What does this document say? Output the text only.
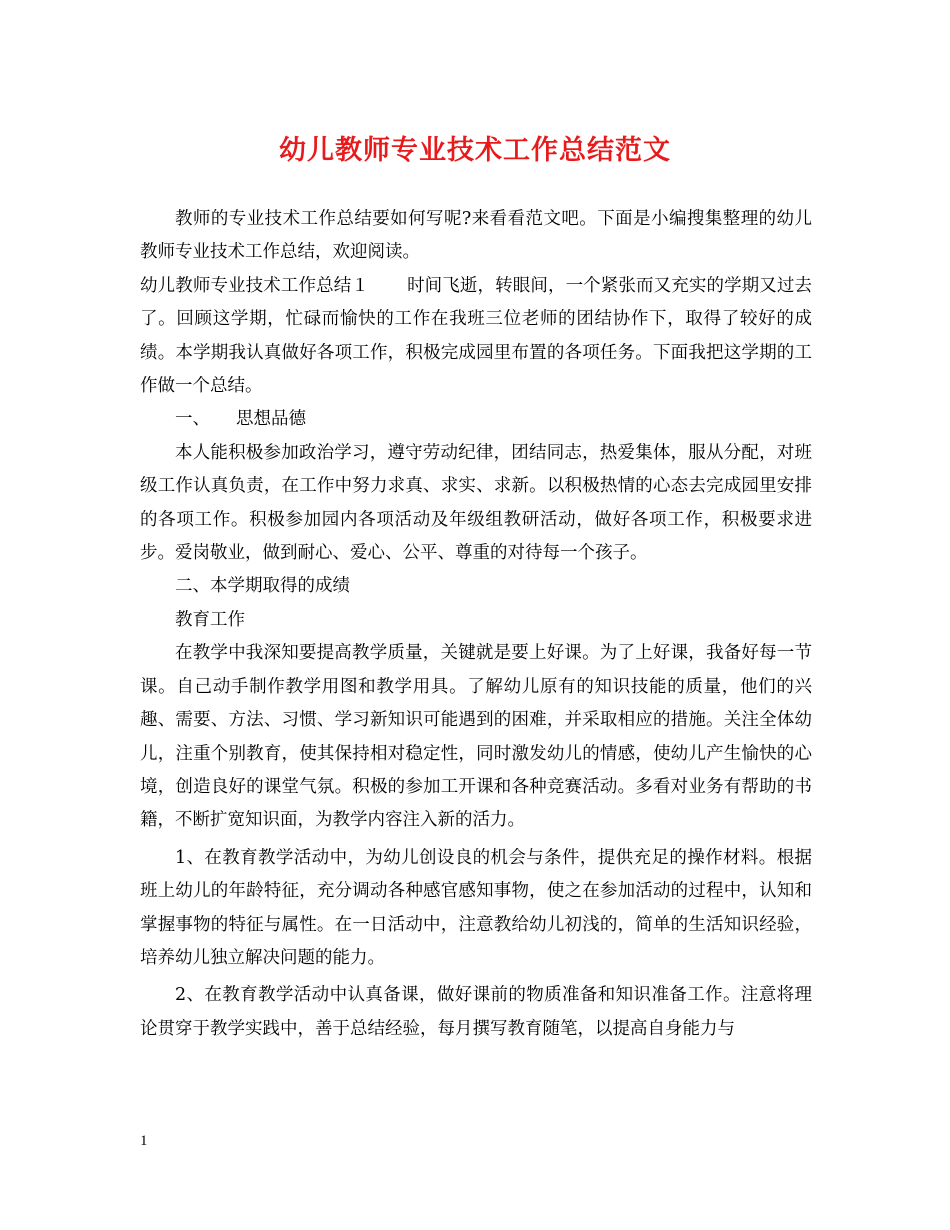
幼儿教师专业技术工作总结范文

教师的专业技术工作总结要如何写呢?来看看范文吧。下面是小编搜集整理的幼儿教师专业技术工作总结，欢迎阅读。

幼儿教师专业技术工作总结１ 时间飞逝，转眼间，一个紧张而又充实的学期又过去了。回顾这学期，忙碌而愉快的工作在我班三位老师的团结协作下，取得了较好的成绩。本学期我认真做好各项工作，积极完成园里布置的各项任务。下面我把这学期的工作做一个总结。

一、 思想品德

本人能积极参加政治学习，遵守劳动纪律，团结同志，热爱集体，服从分配，对班级工作认真负责，在工作中努力求真、求实、求新。以积极热情的心态去完成园里安排的各项工作。积极参加园内各项活动及年级组教研活动，做好各项工作，积极要求进步。爱岗敬业，做到耐心、爱心、公平、尊重的对待每一个孩子。

二、本学期取得的成绩

教育工作

在教学中我深知要提高教学质量，关键就是要上好课。为了上好课，我备好每一节课。自己动手制作教学用图和教学用具。了解幼儿原有的知识技能的质量，他们的兴趣、需要、方法、习惯、学习新知识可能遇到的困难，并采取相应的措施。关注全体幼儿，注重个别教育，使其保持相对稳定性，同时激发幼儿的情感，使幼儿产生愉快的心境，创造良好的课堂气氛。积极的参加工开课和各种竞赛活动。多看对业务有帮助的书籍，不断扩宽知识面，为教学内容注入新的活力。

1、在教育教学活动中，为幼儿创设良的机会与条件，提供充足的操作材料。根据班上幼儿的年龄特征，充分调动各种感官感知事物，使之在参加活动的过程中，认知和掌握事物的特征与属性。在一日活动中，注意教给幼儿初浅的，简单的生活知识经验，培养幼儿独立解决问题的能力。

2、在教育教学活动中认真备课，做好课前的物质准备和知识准备工作。注意将理论贯穿于教学实践中，善于总结经验，每月撰写教育随笔，以提高自身能力与

1
